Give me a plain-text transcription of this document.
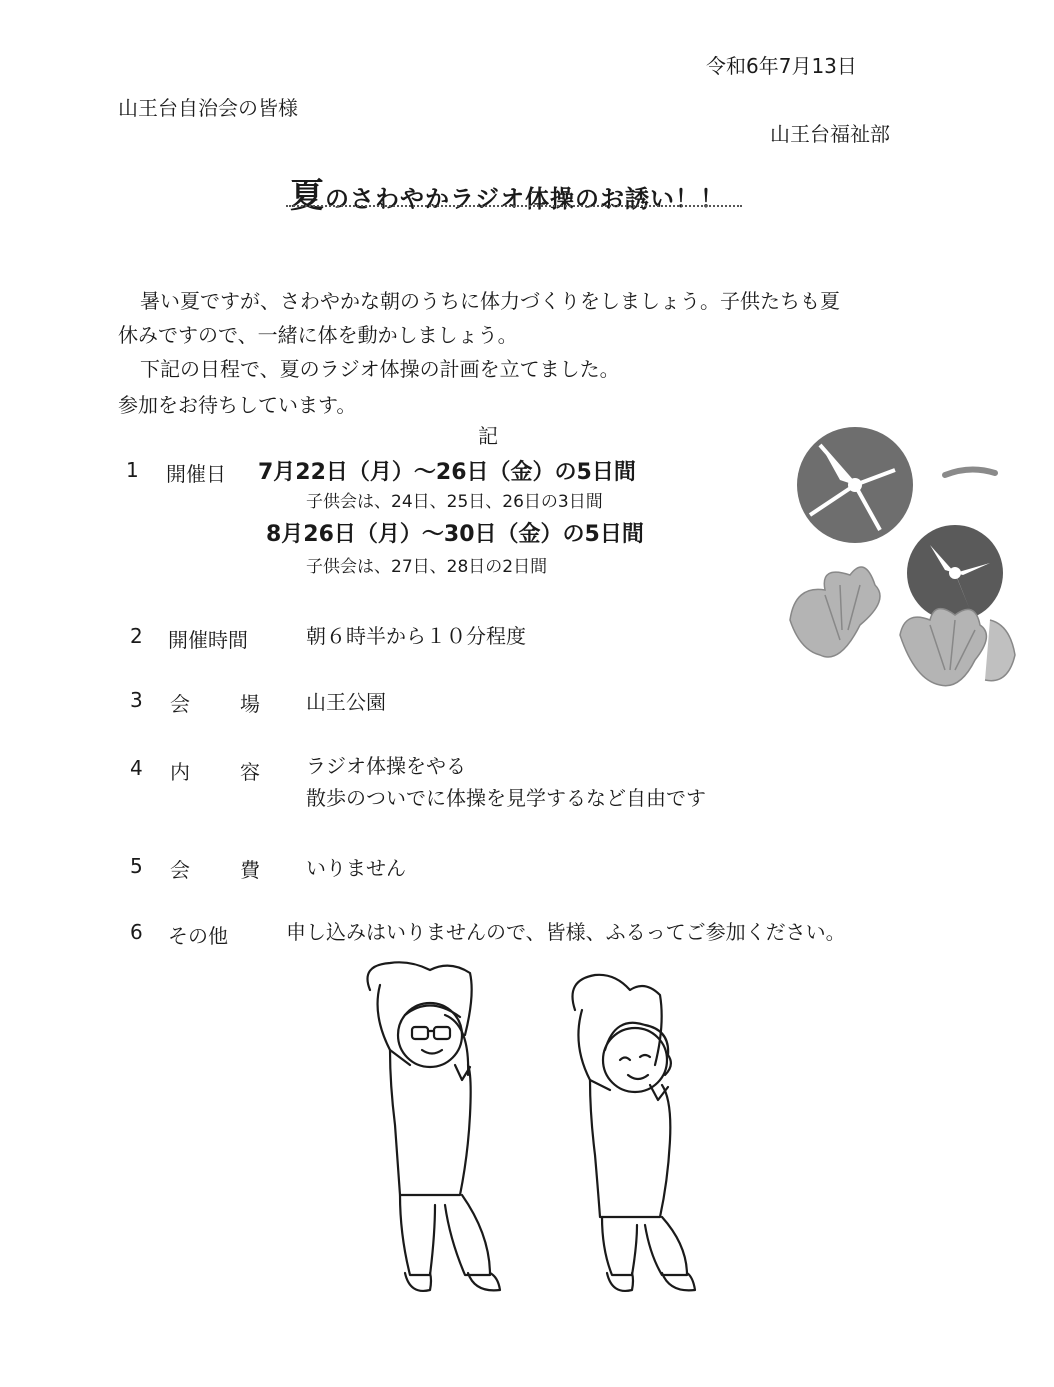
令和6年7月13日
山王台自治会の皆様
山王台福祉部
夏のさわやかラジオ体操のお誘い！！
暑い夏ですが、さわやかな朝のうちに体力づくりをしましょう。子供たちも夏
休みですので、一緒に体を動かしましょう。
下記の日程で、夏のラジオ体操の計画を立てました。
参加をお待ちしています。
記
1 開催日 7月22日（月）～26日（金）の5日間
子供会は、24日、25日、26日の3日間
8月26日（月）～30日（金）の5日間
子供会は、27日、28日の2日間
2 開催時間	朝６時半から１０分程度
3 会	場 山王公園
4 内	容 ラジオ体操をやる
散歩のついでに体操を見学するなど自由です
5 会	費 いりません
6 その他	申し込みはいりませんので、皆様、ふるってご参加ください。
